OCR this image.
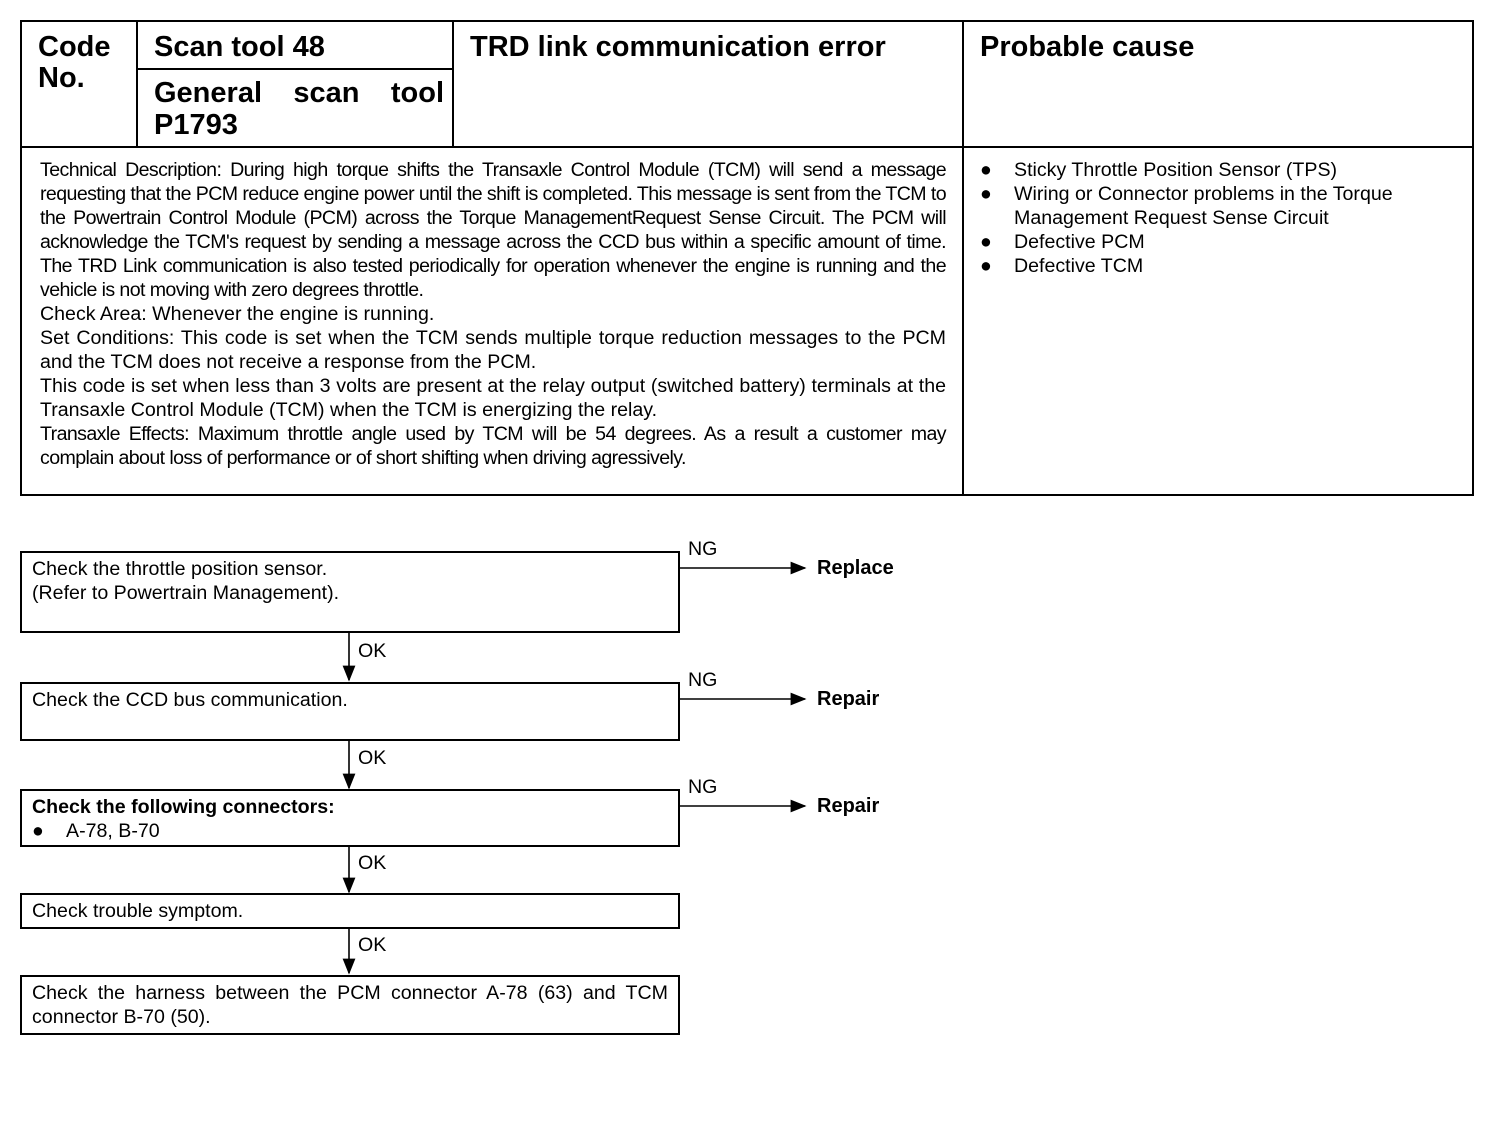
Code
No.
Scan tool 48
General scan tool
P1793
TRD link communication error	Probable cause

Technical Description: During high torque shifts the Transaxle Control Module (TCM) will send a message requesting that the PCM reduce engine power until the shift is completed. This message is sent from the TCM to the Powertrain Control Module (PCM) across the Torque ManagementRequest Sense Circuit. The PCM will acknowledge the TCM's request by sending a message across the CCD bus within a specific amount of time. The TRD Link communication is also tested periodically for operation whenever the engine is running and the vehicle is not moving with zero degrees throttle.

Check Area: Whenever the engine is running.

Set Conditions: This code is set when the TCM sends multiple torque reduction messages to the PCM and the TCM does not receive a response from the PCM.

This code is set when less than 3 volts are present at the relay output (switched battery) terminals at the Transaxle Control Module (TCM) when the TCM is energizing the relay.

Transaxle Effects: Maximum throttle angle used by TCM will be 54 degrees. As a result a customer may complain about loss of performance or of short shifting when driving agressively.

● Sticky Throttle Position Sensor (TPS)
● Wiring or Connector problems in the Torque Management Request Sense Circuit
● Defective PCM
● Defective TCM
Check the throttle position sensor.
(Refer to Powertrain Management).
NG
Replace
OK
Check the CCD bus communication.
NG
Repair
OK
Check the following connectors:
● A-78, B-70
NG
Repair
OK
Check trouble symptom.
OK
Check the harness between the PCM connector A-78 (63) and TCM connector B-70 (50).
